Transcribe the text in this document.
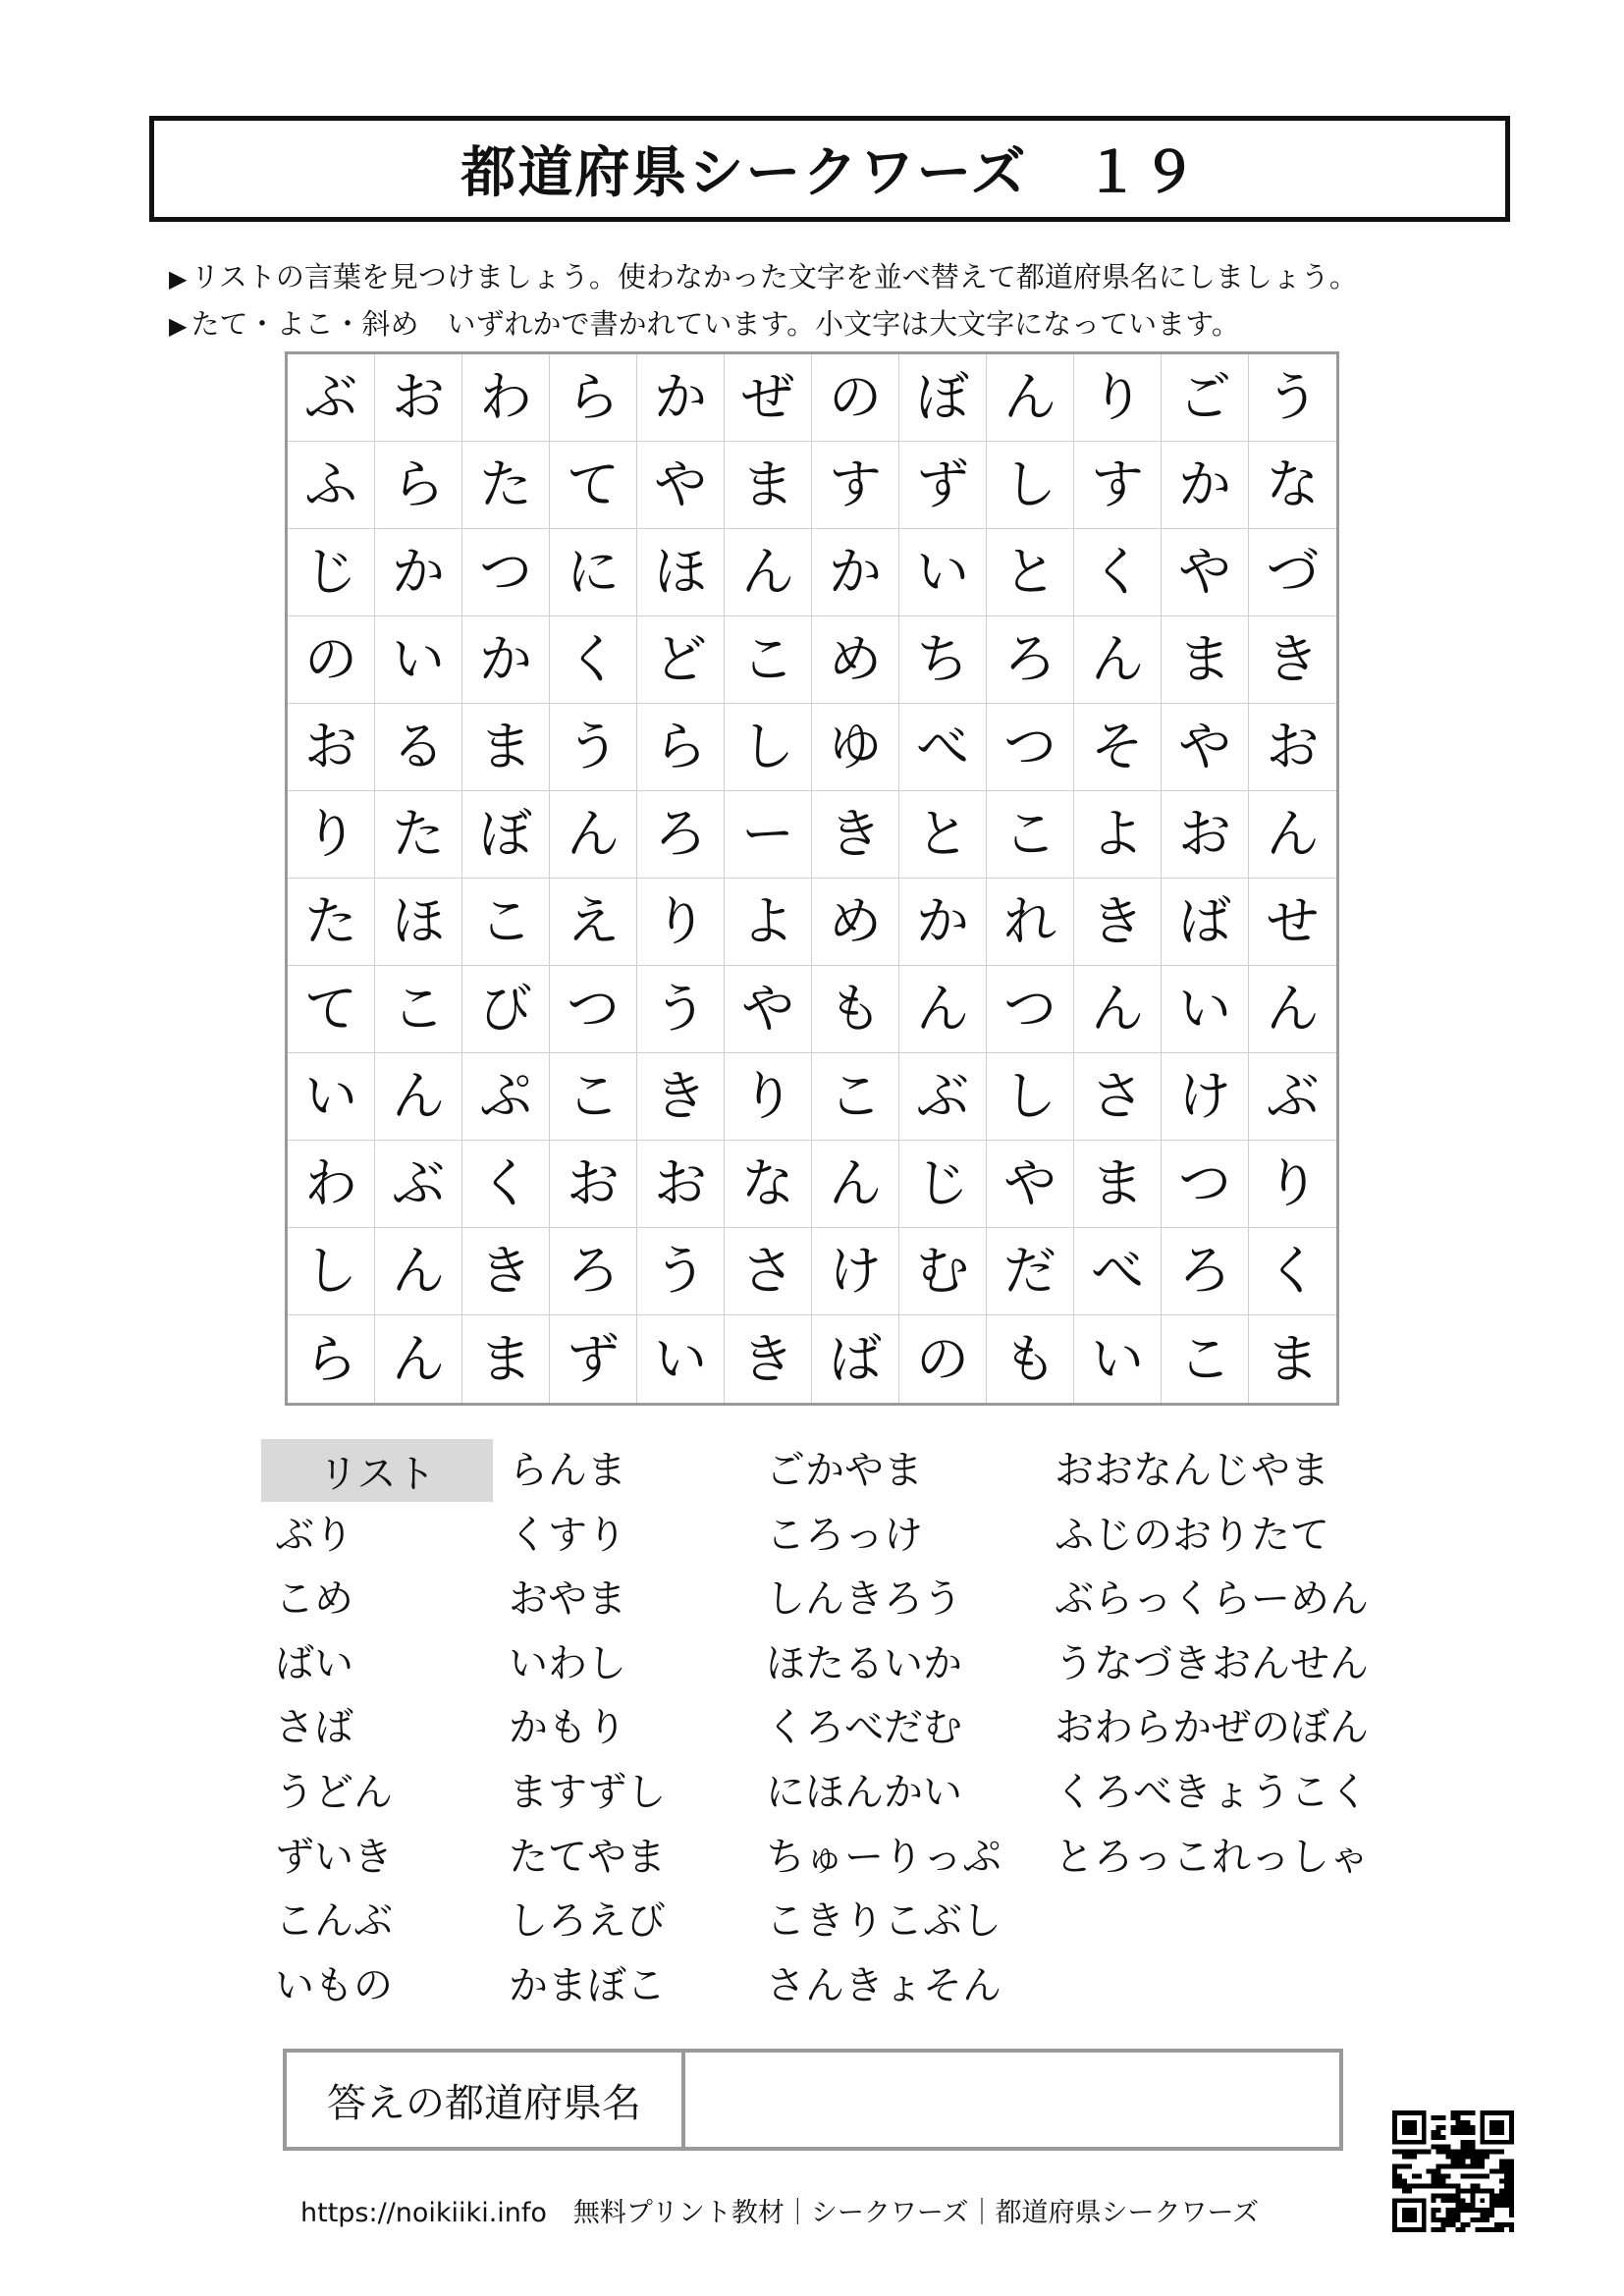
都道府県シークワーズ　１９
▶ リストの言葉を見つけましょう。使わなかった文字を並べ替えて都道府県名にしましょう。
▶ たて・よこ・斜め　いずれかで書かれています。小文字は大文字になっています。
ぶ お わ ら か ぜ の ぼ ん り ご う
ふ ら た て や ま す ず し す か な
じ か つ に ほ ん か い と く や づ
の い か く ど こ め ち ろ ん ま き
お る ま う ら し ゆ べ つ そ や お
り た ぼ ん ろ ー き と こ よ お ん
た ほ こ え り よ め か れ き ば せ
て こ び つ う や も ん つ ん い ん
い ん ぷ こ き り こ ぶ し さ け ぶ
わ ぶ く お お な ん じ や ま つ り
し ん き ろ う さ け む だ べ ろ く
ら ん ま ず い き ば の も い こ ま
リスト
ぶり
こめ
ばい
さば
うどん
ずいき
こんぶ
いもの
らんま
くすり
おやま
いわし
かもり
ますずし
たてやま
しろえび
かまぼこ
ごかやま
ころっけ
しんきろう
ほたるいか
くろべだむ
にほんかい
ちゅーりっぷ
こきりこぶし
さんきょそん
おおなんじやま
ふじのおりたて
ぶらっくらーめん
うなづきおんせん
おわらかぜのぼん
くろべきょうこく
とろっこれっしゃ
答えの都道府県名
https://noikiiki.info　無料プリント教材｜シークワーズ｜都道府県シークワーズ
